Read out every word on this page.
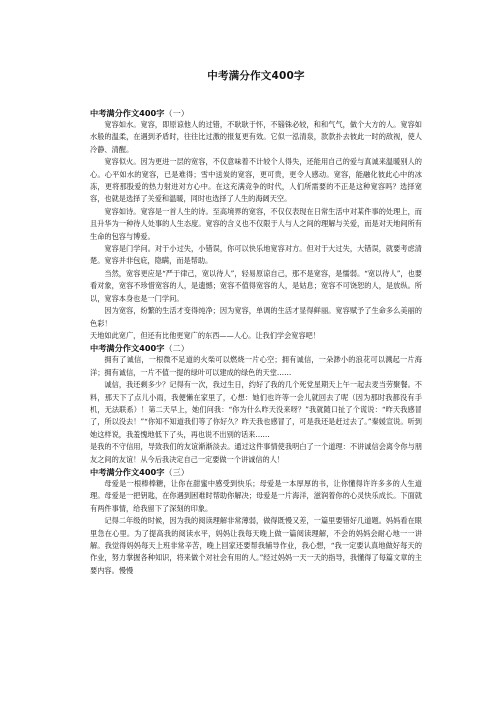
中考满分作文400字
中考满分作文400字（一）

宽容如水。宽容，即原谅他人的过错，不耿耿于怀，不锱铢必较，和和气气，做个大方的人。宽容如水般的温柔，在遇到矛盾时，往往比过激的报复更有效。它似一泓清泉，款款扑去彼此一时的敌视，使人冷静、清醒。

宽容似火。因为更进一层的宽容，不仅意味着不计较个人得失，还能用自己的爱与真诚来温暖别人的心。心平如水的宽容，已是难得；雪中送炭的宽容，更可贵，更令人感动。宽容，能融化彼此心中的冰冻，更将那股爱的热力射进对方心中。在这充满竞争的时代，人们所需要的不正是这种宽容吗？选择宽容，也就是选择了关爱和温暖，同时也选择了人生的海阔天空。

宽容如诗。宽容是一首人生的诗。至高境界的宽容，不仅仅表现在日常生活中对某件事的处理上，而且升华为一种待人处事的人生态度。宽容的含义也不仅限于人与人之间的理解与关爱，而是对天地间所有生命的包容与博爱。

宽容是门学问。对于小过失，小错误，你可以快乐地宽容对方。但对于大过失，大错误，就要考虑清楚。宽容并非包庇，隐瞒，而是帮助。

当然，宽容更应是“严于律己，宽以待人”，轻易原谅自己，那不是宽容，是懦弱。“宽以待人”，也要看对象，宽容不珍惜宽容的人，是遗憾；宽容不值得宽容的人，是姑息；宽容不可饶恕的人，是放纵。所以，宽容本身也是一门学问。

因为宽容，纷繁的生活才变得纯净；因为宽容，单调的生活才显得鲜丽。宽容赋予了生命多么美丽的色彩！

天地如此宽广，但还有比他更宽广的东西——人心。让我们学会宽容吧！

中考满分作文400字（二）

拥有了诚信，一根微不足道的火柴可以燃烧一片心空；拥有诚信，一朵渺小的浪花可以溅起一片海洋；拥有诚信，一片不值一提的绿叶可以建成的绿色的天堂……

诚信，我还剩多少？记得有一次，我过生日，约好了我的几个死党星期天上午一起去麦当劳聚餐。不料，那天下了点儿小雨，我便懒在家里了，心想：她们也许等一会儿就回去了呢（因为那时我都没有手机，无法联系）！第二天早上，她们问我：“你为什么昨天没来呀？”我就随口扯了个谎说：“昨天我感冒了，所以没去！”“你知不知道我们等了你好久？昨天我也感冒了，可是我还是赶过去了。”秦媛宣说。听到她这样说，我羞愧地低下了头，再也说不出别的话来……

是我的不守信用，导致我们的友谊渐渐淡去。通过这件事情使我明白了一个道理：不讲诚信会离令你与朋友之间的友谊！从今后我决定自己一定要做一个讲诚信的人！

中考满分作文400字（三）

母爱是一根棒棒糖，让你在甜蜜中感受到快乐；母爱是一本厚厚的书，让你懂得许许多多的人生道理。母爱是一把钥匙，在你遇到困难时帮助你解决；母爱是一片海洋，滋润着你的心灵快乐成长。下面就有两件事情，给我留下了深刻的印象。

记得二年级的时候，因为我的阅读理解非常薄弱，做得既慢又差，一篇里要错好几道题。妈妈看在眼里急在心里。为了提高我的阅读水平，妈妈让我每天晚上做一篇阅读理解，不会的妈妈会耐心地一一讲解。我觉得妈妈每天上班非常辛苦，晚上回家还要帮我辅导作业，我心想，“我一定要认真地做好每天的作业，努力掌握各种知识，将来做个对社会有用的人。”经过妈妈一天一天的指导，我懂得了每篇文章的主要内容。慢慢
